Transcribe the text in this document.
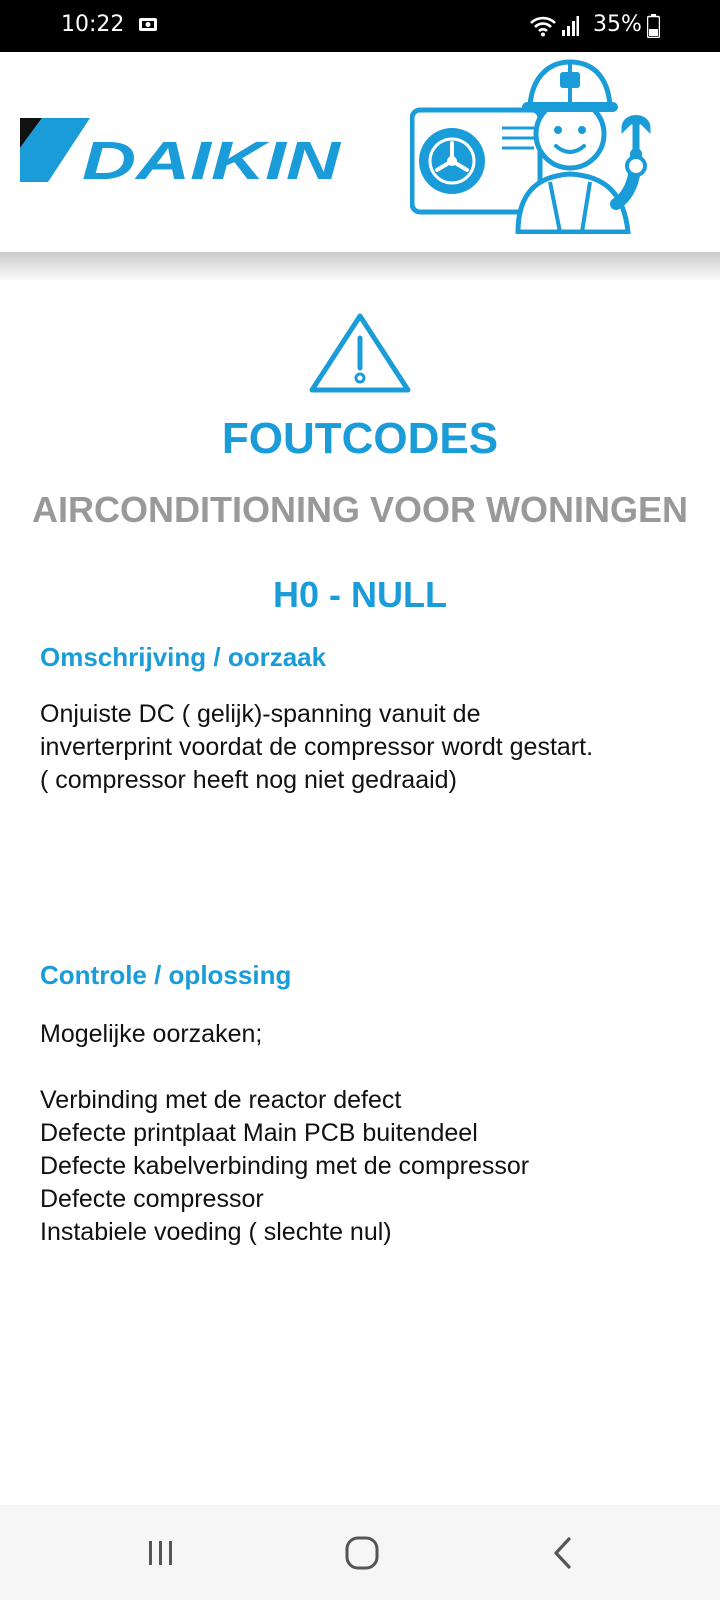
10:22	35%
DAIKIN
FOUTCODES
AIRCONDITIONING VOOR WONINGEN
H0 - NULL
Omschrijving / oorzaak
Onjuiste DC ( gelijk)-spanning vanuit de
inverterprint voordat de compressor wordt gestart.
( compressor heeft nog niet gedraaid)
Controle / oplossing
Mogelijke oorzaken;
Verbinding met de reactor defect
Defecte printplaat Main PCB buitendeel
Defecte kabelverbinding met de compressor
Defecte compressor
Instabiele voeding ( slechte nul)
